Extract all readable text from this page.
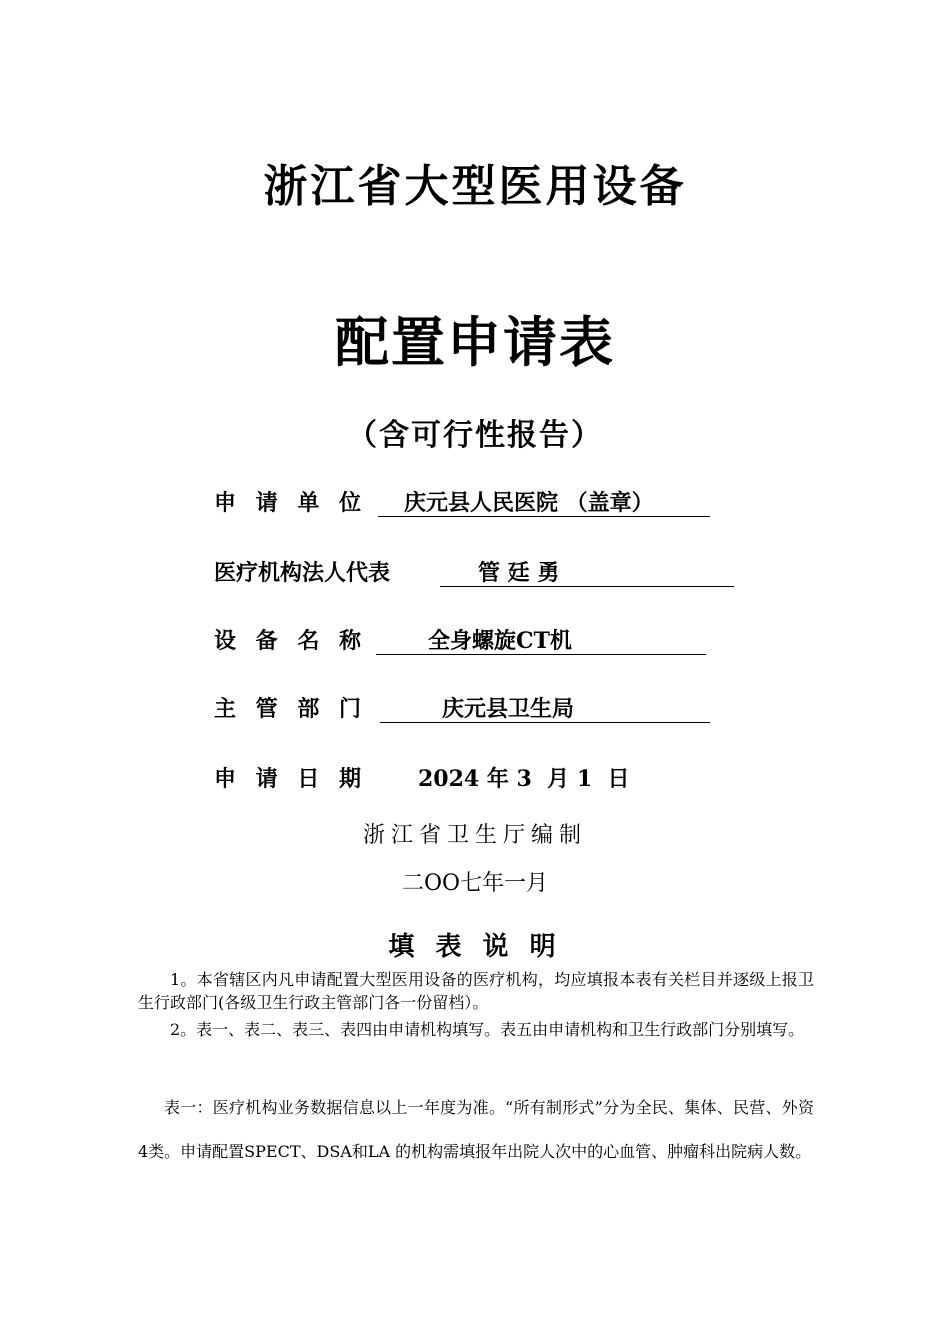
浙江省大型医用设备
配置申请表
（含可行性报告）
申 请 单 位 庆元县人民医院 （盖章）
医疗机构法人代表	管 廷 勇
设 备 名 称	全身螺旋CT机
主 管 部 门	庆元县卫生局
申 请 日 期 2024 年 3  月 1  日
浙江省卫生厅编制
二OO七年一月
填 表 说 明
1。本省辖区内凡申请配置大型医用设备的医疗机构，均应填报本表有关栏目并逐级上报卫生行政部门(各级卫生行政主管部门各一份留档）。
2。表一、表二、表三、表四由申请机构填写。表五由申请机构和卫生行政部门分别填写。
表一：医疗机构业务数据信息以上一年度为准。“所有制形式”分为全民、集体、民营、外资4类。申请配置SPECT、DSA和LA 的机构需填报年出院人次中的心血管、肿瘤科出院病人数。
